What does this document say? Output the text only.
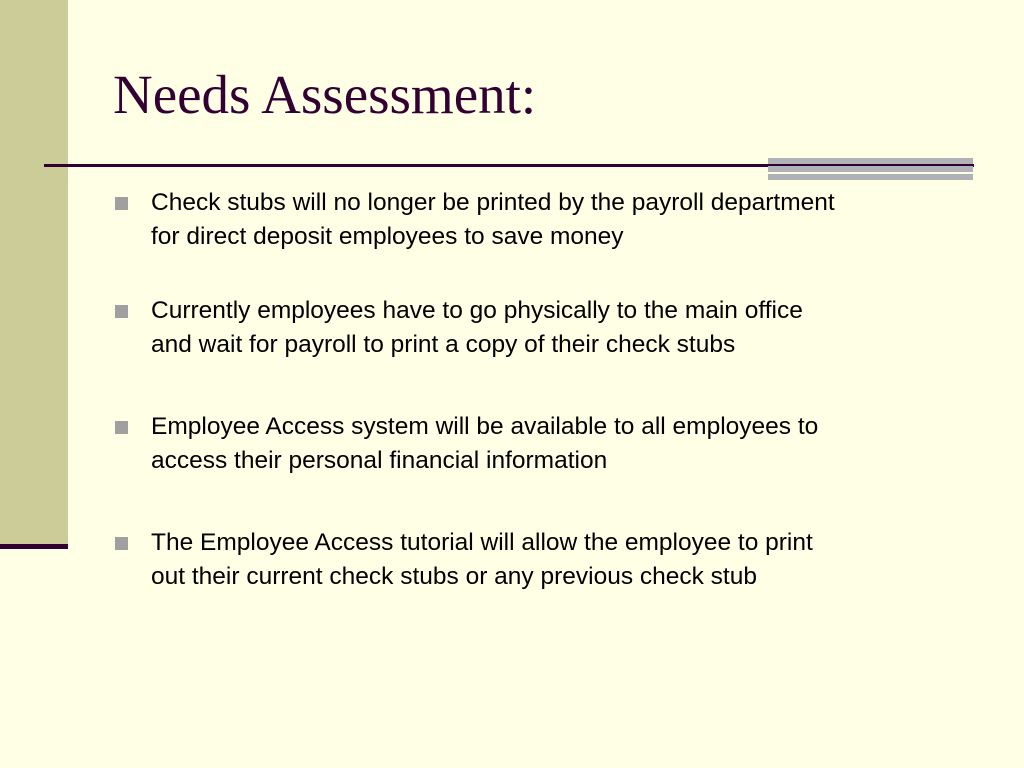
Needs Assessment:
Check stubs will no longer be printed by the payroll department
for direct deposit employees to save money
Currently employees have to go physically to the main office
and wait for payroll to print a copy of their check stubs
Employee Access system will be available to all employees to
access their personal financial information
The Employee Access tutorial will allow the employee to print
out their current check stubs or any previous check stub
